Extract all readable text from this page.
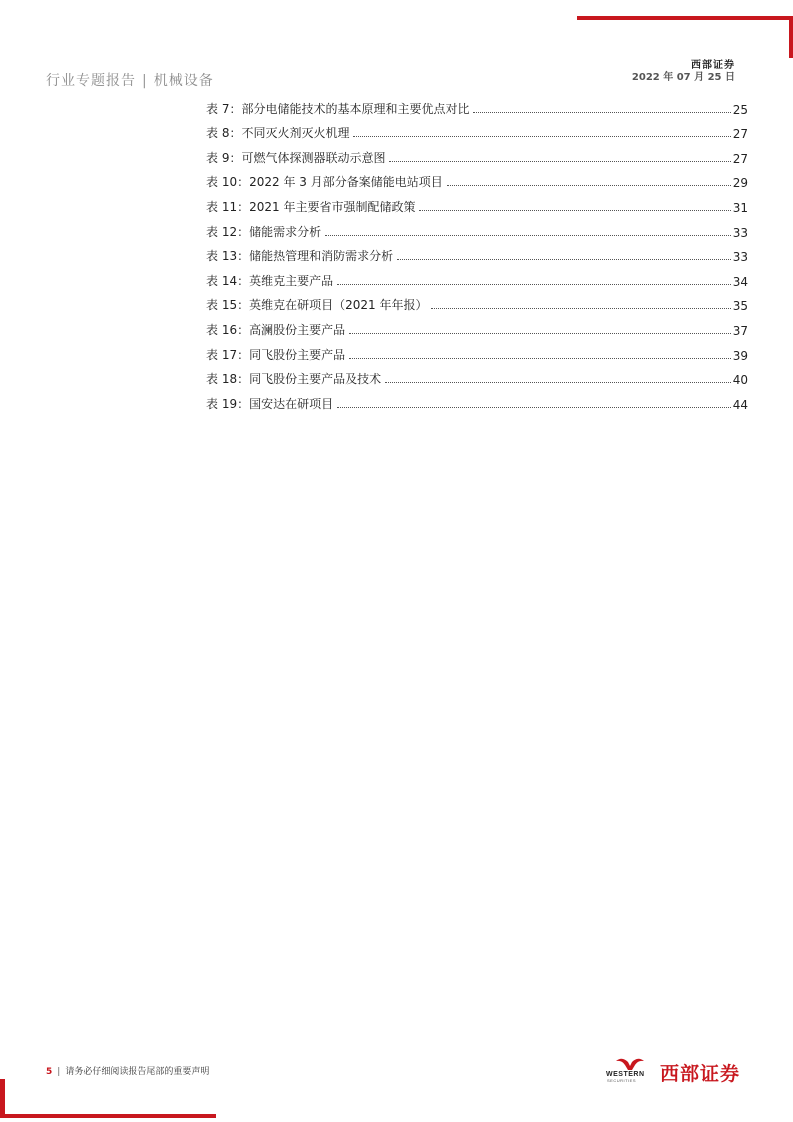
西部证券
2022 年 07 月 25 日
行业专题报告 | 机械设备
表 7：部分电储能技术的基本原理和主要优点对比	25
表 8：不同灭火剂灭火机理	27
表 9：可燃气体探测器联动示意图	27
表 10：2022 年 3 月部分备案储能电站项目	29
表 11：2021 年主要省市强制配储政策	31
表 12：储能需求分析	33
表 13：储能热管理和消防需求分析	33
表 14：英维克主要产品	34
表 15：英维克在研项目（2021 年年报）	35
表 16：高澜股份主要产品	37
表 17：同飞股份主要产品	39
表 18：同飞股份主要产品及技术	40
表 19：国安达在研项目	44
5 | 请务必仔细阅读报告尾部的重要声明	WESTERN
SECURITIES 西部证券
